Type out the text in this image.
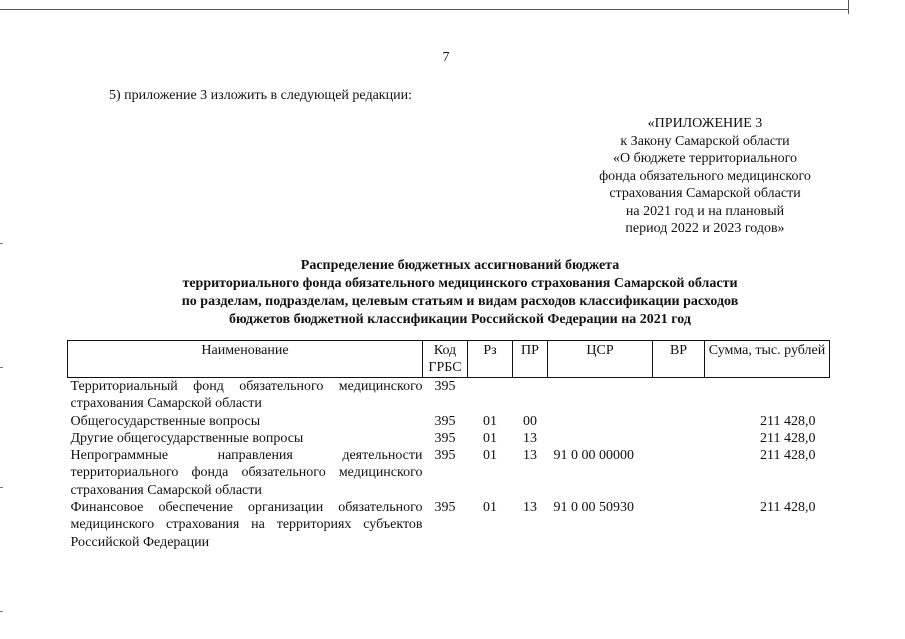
7
5) приложение 3 изложить в следующей редакции:
«ПРИЛОЖЕНИЕ 3
к Закону Самарской области
«О бюджете территориального
фонда обязательного медицинского
страхования Самарской области
на 2021 год и на плановый
период 2022 и 2023 годов»
Распределение бюджетных ассигнований бюджета
территориального фонда обязательного медицинского страхования Самарской области
по разделам, подразделам, целевым статьям и видам расходов классификации расходов
бюджетов бюджетной классификации Российской Федерации на 2021 год
Наименование	Код ГРБС	Рз	ПР	ЦСР	ВР	Сумма, тыс. рублей
Территориальный фонд обязательного медицинского страхования Самарской области	395					
Общегосударственные вопросы	395	01	00			211 428,0
Другие общегосударственные вопросы	395	01	13			211 428,0
Непрограммные направления деятельности территориального фонда обязательного медицинского страхования Самарской области	395	01	13	91 0 00 00000		211 428,0
Финансовое обеспечение организации обязательного медицинского страхования на территориях субъектов Российской Федерации	395	01	13	91 0 00 50930		211 428,0
